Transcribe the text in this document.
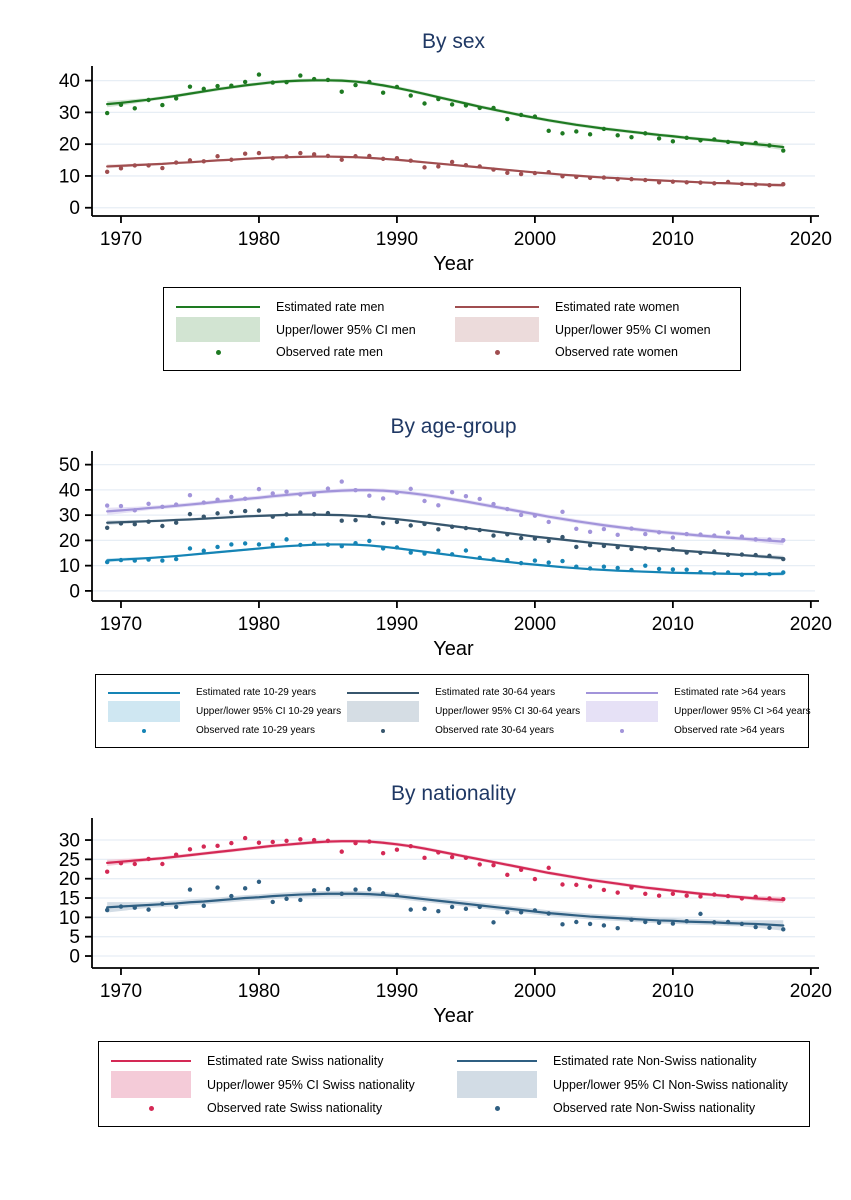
By sex
0
10
20
30
40
1970	1980	1990	2000	2010	2020
Year
Estimated rate men
Upper/lower 95% CI men
Observed rate men
Estimated rate women
Upper/lower 95% CI women
Observed rate women
By age-group
0
10
20
30
40
50
1970	1980	1990	2000	2010	2020
Year
Estimated rate 10-29 years
Upper/lower 95% CI 10-29 years
Observed rate 10-29 years
Estimated rate 30-64 years
Upper/lower 95% CI 30-64 years
Observed rate 30-64 years
Estimated rate >64 years
Upper/lower 95% CI >64 years
Observed rate >64 years
By nationality
0
5
10
15
20
25
30
1970	1980	1990	2000	2010	2020
Year
Estimated rate Swiss nationality
Upper/lower 95% CI Swiss nationality
Observed rate Swiss nationality
Estimated rate Non-Swiss nationality
Upper/lower 95% CI Non-Swiss nationality
Observed rate Non-Swiss nationality
